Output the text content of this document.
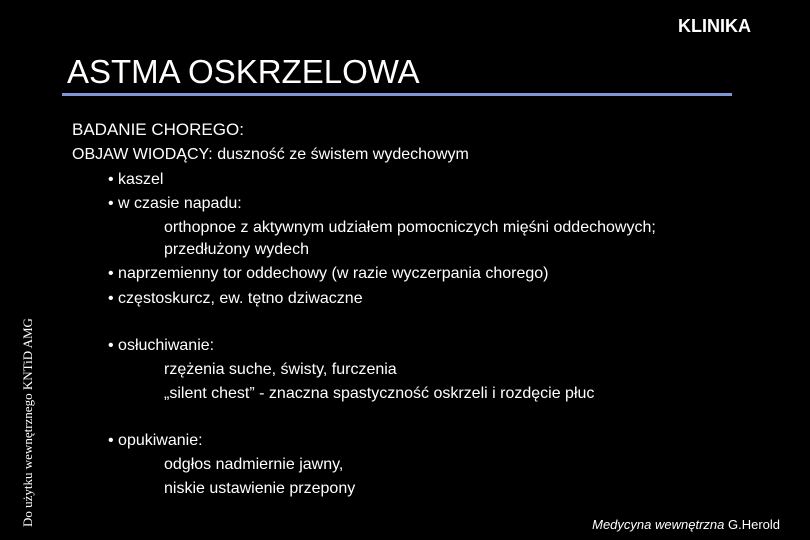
KLINIKA
ASTMA OSKRZELOWA
Do użytku wewnętrznego KNTiD AMG
BADANIE CHOREGO:
OBJAW WIODĄCY: duszność ze świstem wydechowym
• kaszel
• w czasie napadu:
orthopnoe z aktywnym udziałem pomocniczych mięśni oddechowych;
przedłużony wydech
• naprzemienny tor oddechowy (w razie wyczerpania chorego)
• częstoskurcz, ew. tętno dziwaczne
• osłuchiwanie:
rzężenia suche, świsty, furczenia
„silent chest” - znaczna spastyczność oskrzeli i rozdęcie płuc
• opukiwanie:
odgłos nadmiernie jawny,
niskie ustawienie przepony
Medycyna wewnętrzna G.Herold
